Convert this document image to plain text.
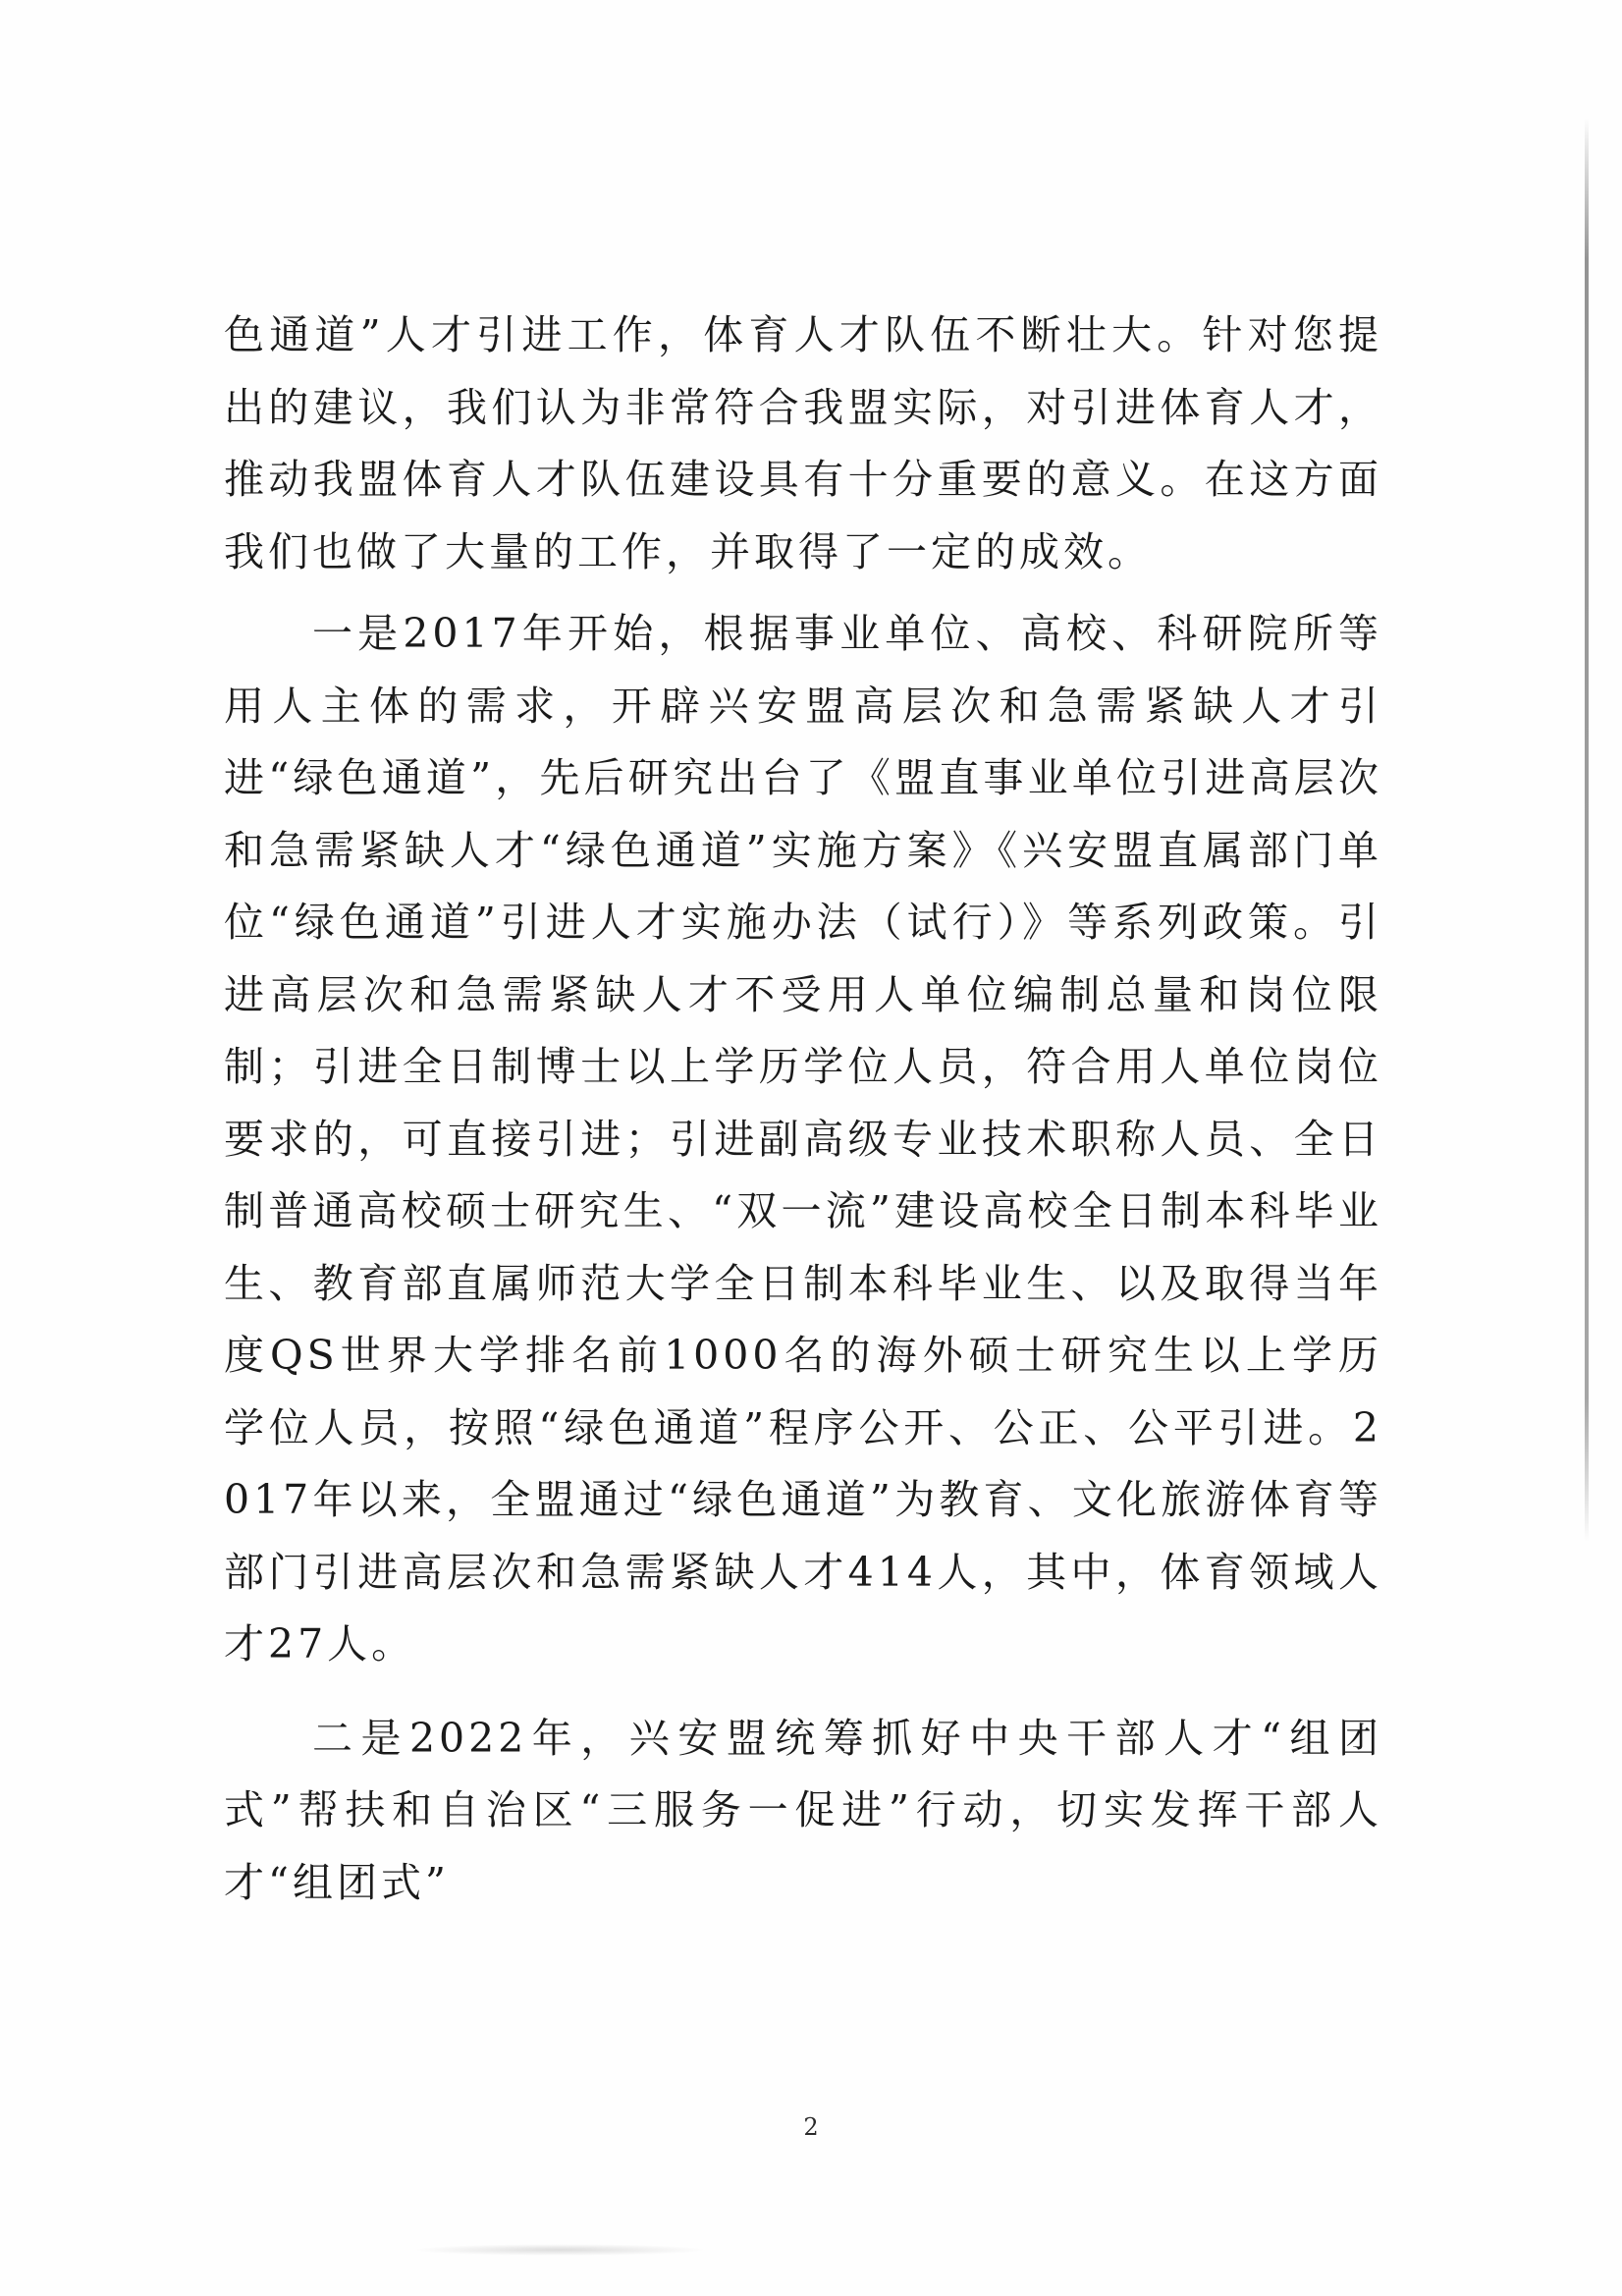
色通道”人才引进工作，体育人才队伍不断壮大。针对您提出的建议，我们认为非常符合我盟实际，对引进体育人才，推动我盟体育人才队伍建设具有十分重要的意义。在这方面我们也做了大量的工作，并取得了一定的成效。

一是2017年开始，根据事业单位、高校、科研院所等用人主体的需求，开辟兴安盟高层次和急需紧缺人才引进“绿色通道”，先后研究出台了《盟直事业单位引进高层次和急需紧缺人才“绿色通道”实施方案》《兴安盟直属部门单位“绿色通道”引进人才实施办法（试行）》等系列政策。引进高层次和急需紧缺人才不受用人单位编制总量和岗位限制；引进全日制博士以上学历学位人员，符合用人单位岗位要求的，可直接引进；引进副高级专业技术职称人员、全日制普通高校硕士研究生、“双一流”建设高校全日制本科毕业生、教育部直属师范大学全日制本科毕业生、以及取得当年度QS世界大学排名前1000名的海外硕士研究生以上学历学位人员，按照“绿色通道”程序公开、公正、公平引进。2017年以来，全盟通过“绿色通道”为教育、文化旅游体育等部门引进高层次和急需紧缺人才414人，其中，体育领域人才27人。

二是2022年，兴安盟统筹抓好中央干部人才“组团式”帮扶和自治区“三服务一促进”行动，切实发挥干部人才“组团式”

2
